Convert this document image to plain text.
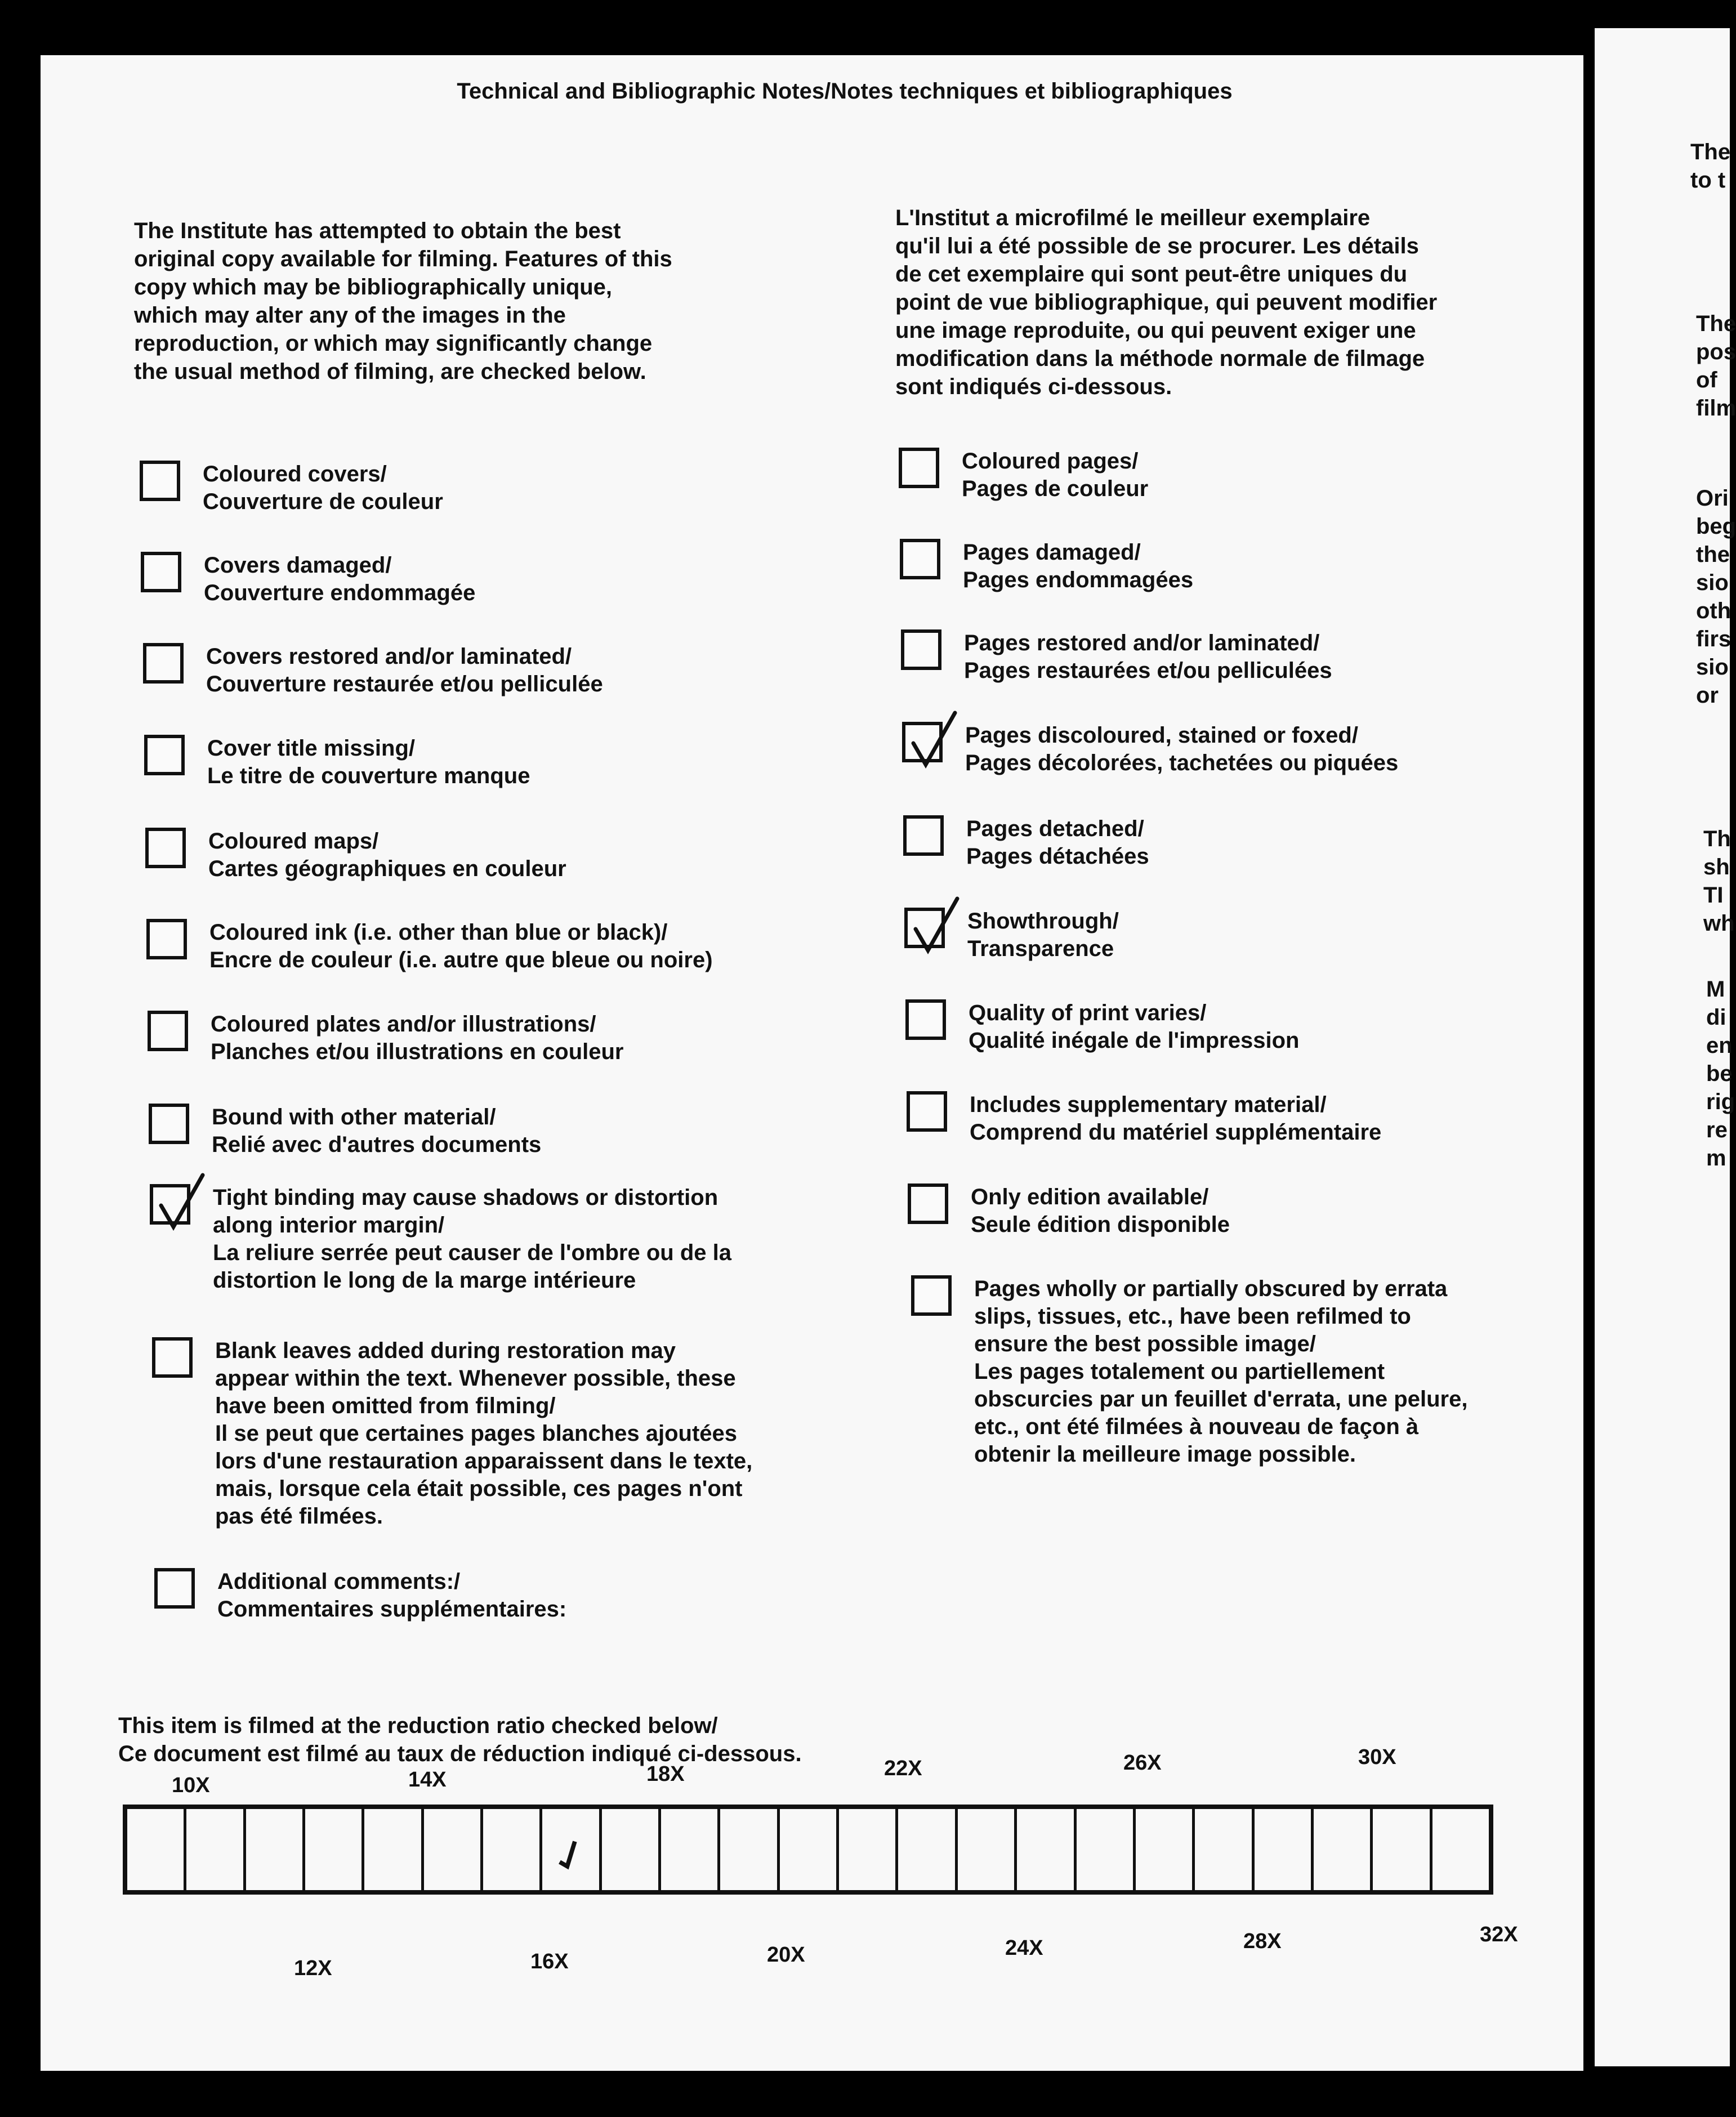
Technical and Bibliographic Notes/Notes techniques et bibliographiques
The Institute has attempted to obtain the best
original copy available for filming. Features of this
copy which may be bibliographically unique,
which may alter any of the images in the
reproduction, or which may significantly change
the usual method of filming, are checked below.
L'Institut a microfilmé le meilleur exemplaire
qu'il lui a été possible de se procurer. Les détails
de cet exemplaire qui sont peut-être uniques du
point de vue bibliographique, qui peuvent modifier
une image reproduite, ou qui peuvent exiger une
modification dans la méthode normale de filmage
sont indiqués ci-dessous.
Coloured covers/
Couverture de couleur
Covers damaged/
Couverture endommagée
Covers restored and/or laminated/
Couverture restaurée et/ou pelliculée
Cover title missing/
Le titre de couverture manque
Coloured maps/
Cartes géographiques en couleur
Coloured ink (i.e. other than blue or black)/
Encre de couleur (i.e. autre que bleue ou noire)
Coloured plates and/or illustrations/
Planches et/ou illustrations en couleur
Bound with other material/
Relié avec d'autres documents
Tight binding may cause shadows or distortion
along interior margin/
La reliure serrée peut causer de l'ombre ou de la
distortion le long de la marge intérieure
Blank leaves added during restoration may
appear within the text. Whenever possible, these
have been omitted from filming/
Il se peut que certaines pages blanches ajoutées
lors d'une restauration apparaissent dans le texte,
mais, lorsque cela était possible, ces pages n'ont
pas été filmées.
Additional comments:/
Commentaires supplémentaires:
Coloured pages/
Pages de couleur
Pages damaged/
Pages endommagées
Pages restored and/or laminated/
Pages restaurées et/ou pelliculées
Pages discoloured, stained or foxed/
Pages décolorées, tachetées ou piquées
Pages detached/
Pages détachées
Showthrough/
Transparence
Quality of print varies/
Qualité inégale de l'impression
Includes supplementary material/
Comprend du matériel supplémentaire
Only edition available/
Seule édition disponible
Pages wholly or partially obscured by errata
slips, tissues, etc., have been refilmed to
ensure the best possible image/
Les pages totalement ou partiellement
obscurcies par un feuillet d'errata, une pelure,
etc., ont été filmées à nouveau de façon à
obtenir la meilleure image possible.
This item is filmed at the reduction ratio checked below/
Ce document est filmé au taux de réduction indiqué ci-dessous.
10X	14X	18X	22X	26X	30X
12X	16X	20X	24X	28X	32X
The
to t
The
pos
of
film
Ori
beg
the
sio
oth
firs
sio
or
Th
sh
TI
wh
M
di
en
be
rig
re
m
